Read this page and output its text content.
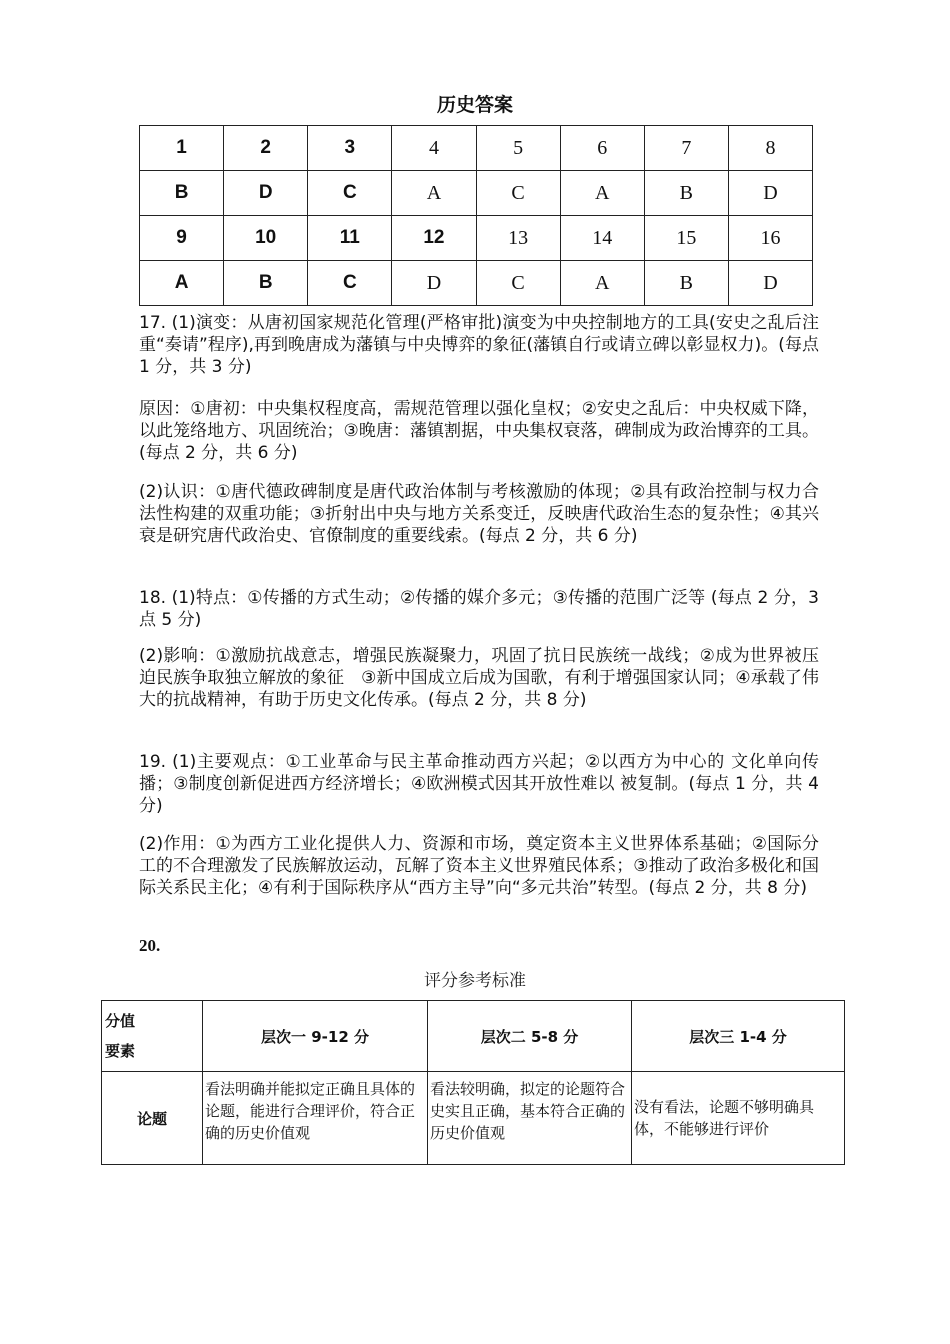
历史答案
1	2	3	4	5	6	7	8
B	D	C	A	C	A	B	D
9	10	11	12	13	14	15	16
A	B	C	D	C	A	B	D

17. (1)演变：从唐初国家规范化管理(严格审批)演变为中央控制地方的工具(安史之乱后注重“奏请”程序),再到晚唐成为藩镇与中央博弈的象征(藩镇自行或请立碑以彰显权力)。(每点 1 分，共 3 分)

原因：①唐初：中央集权程度高，需规范管理以强化皇权；②安史之乱后：中央权威下降，以此笼络地方、巩固统治；③晚唐：藩镇割据，中央集权衰落，碑制成为政治博弈的工具。(每点 2 分，共 6 分)

(2)认识：①唐代德政碑制度是唐代政治体制与考核激励的体现；②具有政治控制与权力合法性构建的双重功能；③折射出中央与地方关系变迁，反映唐代政治生态的复杂性；④其兴衰是研究唐代政治史、官僚制度的重要线索。(每点 2 分，共 6 分)

18. (1)特点：①传播的方式生动；②传播的媒介多元；③传播的范围广泛等 (每点 2 分，3 点 5 分)

(2)影响：①激励抗战意志，增强民族凝聚力，巩固了抗日民族统一战线；②成为世界被压迫民族争取独立解放的象征　③新中国成立后成为国歌，有利于增强国家认同；④承载了伟大的抗战精神，有助于历史文化传承。(每点 2 分，共 8 分)

19. (1)主要观点：①工业革命与民主革命推动西方兴起；②以西方为中心的 文化单向传播；③制度创新促进西方经济增长；④欧洲模式因其开放性难以 被复制。(每点 1 分，共 4 分)

(2)作用：①为西方工业化提供人力、资源和市场，奠定资本主义世界体系基础；②国际分工的不合理激发了民族解放运动，瓦解了资本主义世界殖民体系；③推动了政治多极化和国际关系民主化；④有利于国际秩序从“西方主导”向“多元共治”转型。(每点 2 分，共 8 分)

20.
评分参考标准
分值
要素	层次一 9-12 分	层次二 5-8 分	层次三 1-4 分
论题	看法明确并能拟定正确且具体的论题，能进行合理评价，符合正确的历史价值观	看法较明确，拟定的论题符合史实且正确，基本符合正确的历史价值观	没有看法，论题不够明确具体，不能够进行评价
